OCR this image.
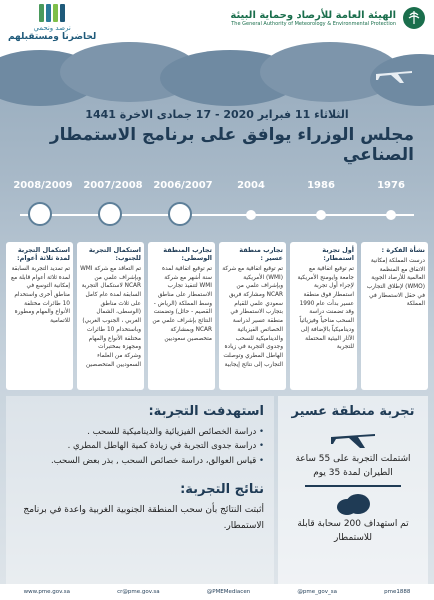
الهيئة العامة للأرصاد وحماية البيئة
The General Authority of Meteorology & Environmental Protection
نرصد ونحمي
لحاضرنا ومستقبلهم
الثلاثاء 11 فبراير 2020 - 17 جمادى الاخرة 1441
مجلس الوزراء يوافق على برنامج الاستمطار الصناعي
1976
1986
2004
2006/2007
2007/2008
2008/2009
نشأة الفكرة :
درست المملكة إمكانية الاتفاق مع المنظمة العالمية للأرصاد الجوية (WMO) لإطلاق التجارب في حقل الاستمطار في المملكة
أول تجربة استمطار:
تم توقيع اتفاقية مع جامعة وايومنج الأمريكية لإجراء أول تجربة استمطار فوق منطقة عسير بدأت عام 1990 وقد تضمنت دراسة السحب مناخياً وفيزيائياً وديناميكياً بالإضافة إلى الآثار البيئية المحتملة للتجربة
تجارب منطقة عسير :
تم توقيع اتفاقية مع شركة (WMI) الأمريكية وبإشراف علمي من NCAR ومشاركة فريق سعودي علمي للقيام بتجارب الاستمطار في منطقة عسير لدراسة الخصائص الفيزيائية والديناميكية للسحب وجدوى التجربة في زيادة الهاطل المطري وتوصلت التجارب إلى نتائج إيجابية
تجارب المنطقة الوسطى:
تم توقيع اتفاقية لمدة سنة أشهر مع شركة WMI لتنفيذ تجارب الاستمطار على مناطق وسط المملكة (الرياض - القصيم - حائل) وتضمنت النتائج بإشراف علمي من NCAR وبمشاركة متخصصين سعوديين
استكمال التجربة للجنوب:
تم التعاقد مع شركة WMI وبإشراف علمي من NCAR لاستكمال التجربة السابقة لمدة عام كامل على ثلاث مناطق (الوسطى، الشمال الغربي ، الجنوب الغربي) وباستخدام 10 طائرات مختلفة الأنواع والمهام ومجهزة بمختبرات وشركة من العلماء السعوديين المتخصصين
استكمال التجربة لمدة ثلاثة أعوام:
تم تمديد التجربة السابقة لمدة ثلاثة أعوام قابلة مع إمكانية التوسع في مناطق أخرى واستخدام 10 طائرات مختلفة الأنواع والمهام ومطورة للاتمامية
استهدفت التجربة:
• دراسة الخصائص الفيزيائية والديناميكية للسحب .
• دراسة جدوى التجربة في زيادة كمية الهاطل المطري .
• قياس العوالق، دراسة خصائص السحب , بذر بعض السحب.
نتائج التجربة:
أثبتت النتائج بأن سحب المنطقة الجنوبية الغربية واعدة في برنامج الاستمطار.
تجربة منطقة عسير
اشتملت التجربة على 55 ساعة الطيران لمدة 35 يوم
تم استهداف 200 سحابة قابلة للاستمطار
www.pme.gov.sa	cr@pme.gov.sa	@PMEMediacen	@pme_gov_sa	pme1888
